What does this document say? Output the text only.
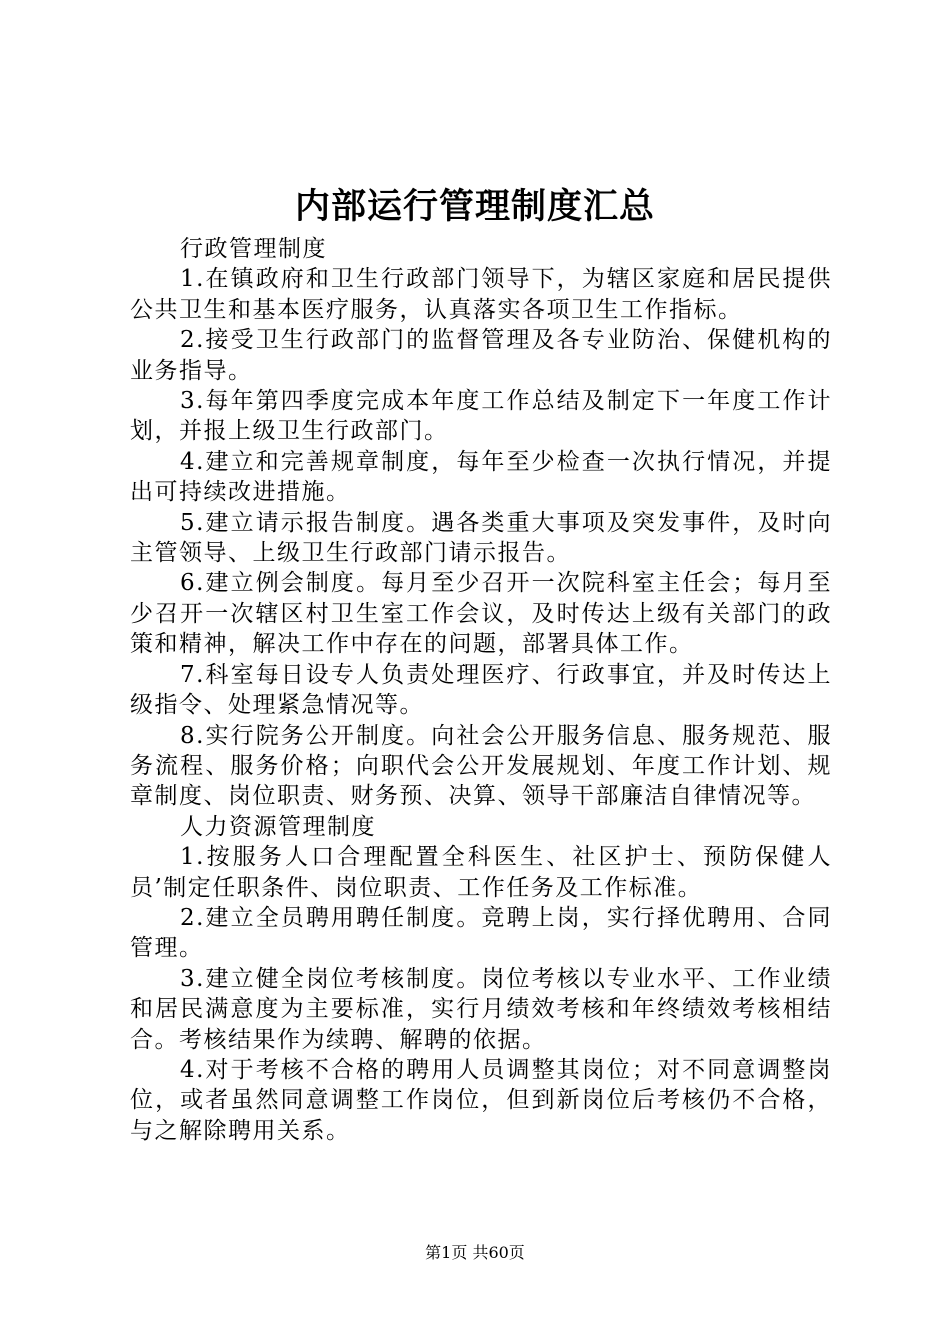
内部运行管理制度汇总

行政管理制度

1.在镇政府和卫生行政部门领导下，为辖区家庭和居民提供公共卫生和基本医疗服务，认真落实各项卫生工作指标。

2.接受卫生行政部门的监督管理及各专业防治、保健机构的业务指导。

3.每年第四季度完成本年度工作总结及制定下一年度工作计划，并报上级卫生行政部门。

4.建立和完善规章制度，每年至少检查一次执行情况，并提出可持续改进措施。

5.建立请示报告制度。遇各类重大事项及突发事件，及时向主管领导、上级卫生行政部门请示报告。

6.建立例会制度。每月至少召开一次院科室主任会；每月至少召开一次辖区村卫生室工作会议，及时传达上级有关部门的政策和精神，解决工作中存在的问题，部署具体工作。

7.科室每日设专人负责处理医疗、行政事宜，并及时传达上级指令、处理紧急情况等。

8.实行院务公开制度。向社会公开服务信息、服务规范、服务流程、服务价格；向职代会公开发展规划、年度工作计划、规章制度、岗位职责、财务预、决算、领导干部廉洁自律情况等。

人力资源管理制度

1.按服务人口合理配置全科医生、社区护士、预防保健人员’制定任职条件、岗位职责、工作任务及工作标准。

2.建立全员聘用聘任制度。竞聘上岗，实行择优聘用、合同管理。

3.建立健全岗位考核制度。岗位考核以专业水平、工作业绩和居民满意度为主要标准，实行月绩效考核和年终绩效考核相结合。考核结果作为续聘、解聘的依据。

4.对于考核不合格的聘用人员调整其岗位；对不同意调整岗位，或者虽然同意调整工作岗位，但到新岗位后考核仍不合格，与之解除聘用关系。

第1页 共60页
